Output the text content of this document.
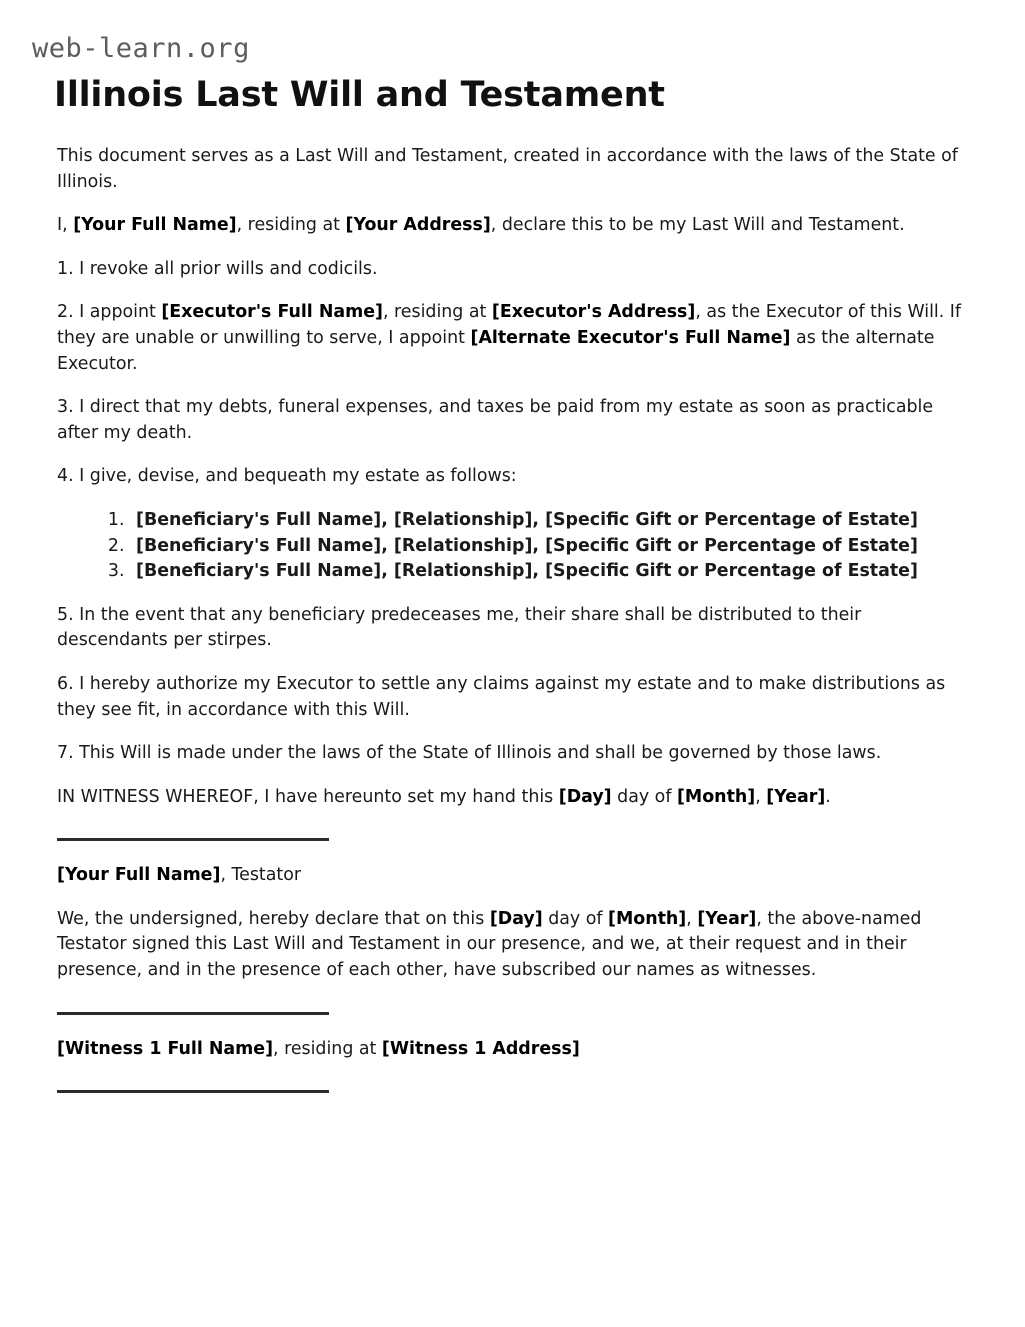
web-learn.org
Illinois Last Will and Testament

This document serves as a Last Will and Testament, created in accordance with the laws of the State of Illinois.

I, [Your Full Name], residing at [Your Address], declare this to be my Last Will and Testament.

1. I revoke all prior wills and codicils.

2. I appoint [Executor's Full Name], residing at [Executor's Address], as the Executor of this Will. If they are unable or unwilling to serve, I appoint [Alternate Executor's Full Name] as the alternate Executor.

3. I direct that my debts, funeral expenses, and taxes be paid from my estate as soon as practicable after my death.

4. I give, devise, and bequeath my estate as follows:

1. [Beneficiary's Full Name], [Relationship], [Specific Gift or Percentage of Estate]
2. [Beneficiary's Full Name], [Relationship], [Specific Gift or Percentage of Estate]
3. [Beneficiary's Full Name], [Relationship], [Specific Gift or Percentage of Estate]

5. In the event that any beneficiary predeceases me, their share shall be distributed to their descendants per stirpes.

6. I hereby authorize my Executor to settle any claims against my estate and to make distributions as they see fit, in accordance with this Will.

7. This Will is made under the laws of the State of Illinois and shall be governed by those laws.

IN WITNESS WHEREOF, I have hereunto set my hand this [Day] day of [Month], [Year].

[Your Full Name], Testator

We, the undersigned, hereby declare that on this [Day] day of [Month], [Year], the above-named Testator signed this Last Will and Testament in our presence, and we, at their request and in their presence, and in the presence of each other, have subscribed our names as witnesses.

[Witness 1 Full Name], residing at [Witness 1 Address]
